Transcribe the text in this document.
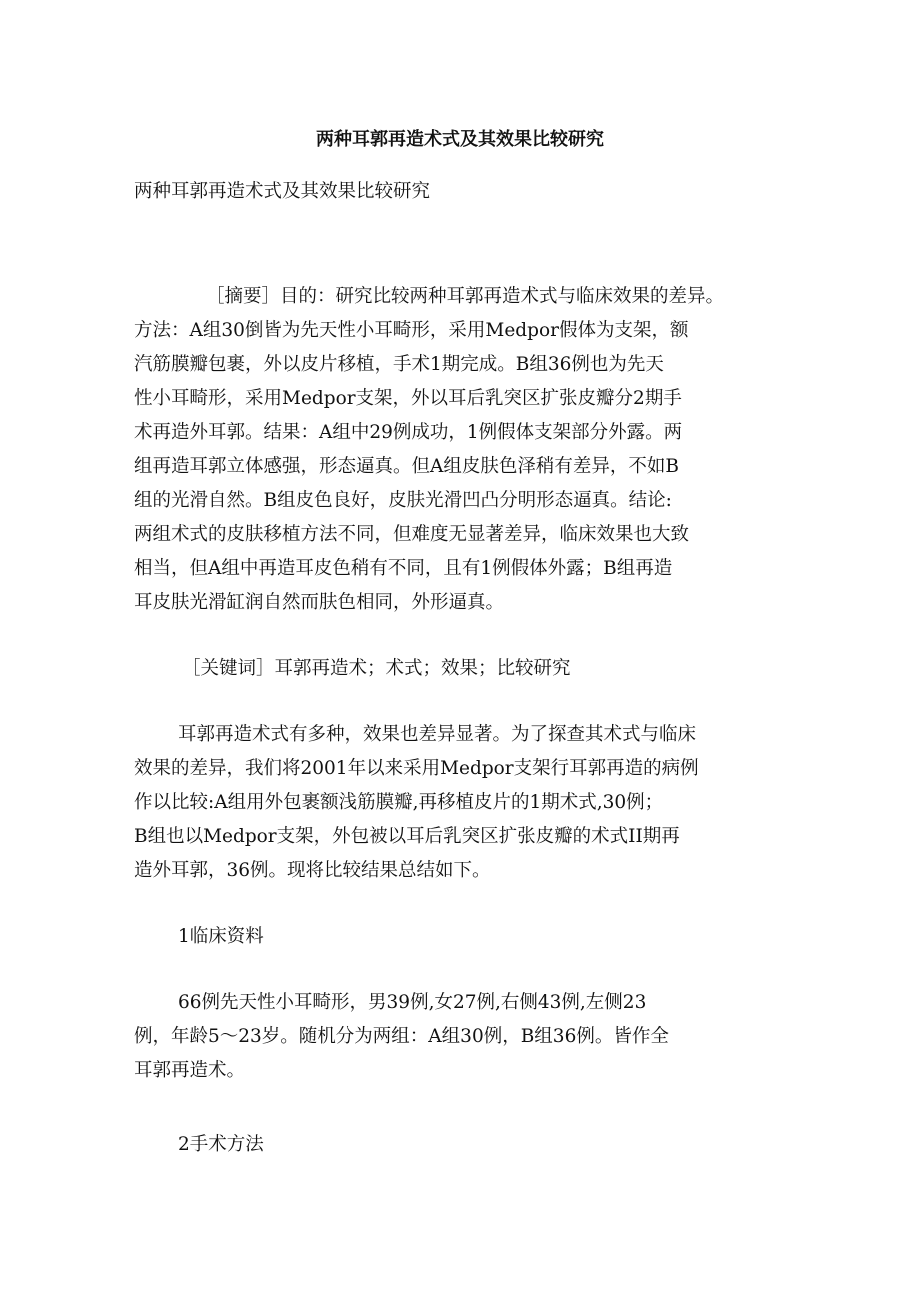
两种耳郭再造术式及其效果比较研究
两种耳郭再造术式及其效果比较研究
［摘要］目的：研究比较两种耳郭再造术式与临床效果的差异。
方法：A组30倒皆为先天性小耳畸形，采用Medpor假体为支架，额
汽筋膜瓣包裹，外以皮片移植，手术1期完成。B组36例也为先天
性小耳畸形，采用Medpor支架，外以耳后乳突区扩张皮瓣分2期手
术再造外耳郭。结果：A组中29例成功，1例假体支架部分外露。两
组再造耳郭立体感强，形态逼真。但A组皮肤色泽稍有差异，不如B
组的光滑自然。B组皮色良好，皮肤光滑凹凸分明形态逼真。结论:
两组术式的皮肤移植方法不同，但难度无显著差异，临床效果也大致
相当，但A组中再造耳皮色稍有不同，且有1例假体外露；B组再造
耳皮肤光滑缸润自然而肤色相同，外形逼真。
［关键词］耳郭再造术；术式；效果；比较研究
耳郭再造术式有多种，效果也差异显著。为了探查其术式与临床
效果的差异，我们将2001年以来采用Medpor支架行耳郭再造的病例
作以比较:A组用外包裹额浅筋膜瓣,再移植皮片的1期术式,30例；
B组也以Medpor支架，外包被以耳后乳突区扩张皮瓣的术式II期再
造外耳郭，36例。现将比较结果总结如下。
1临床资料
66例先天性小耳畸形，男39例,女27例,右侧43例,左侧23
例，年龄5～23岁。随机分为两组：A组30例，B组36例。皆作全
耳郭再造术。
2手术方法
